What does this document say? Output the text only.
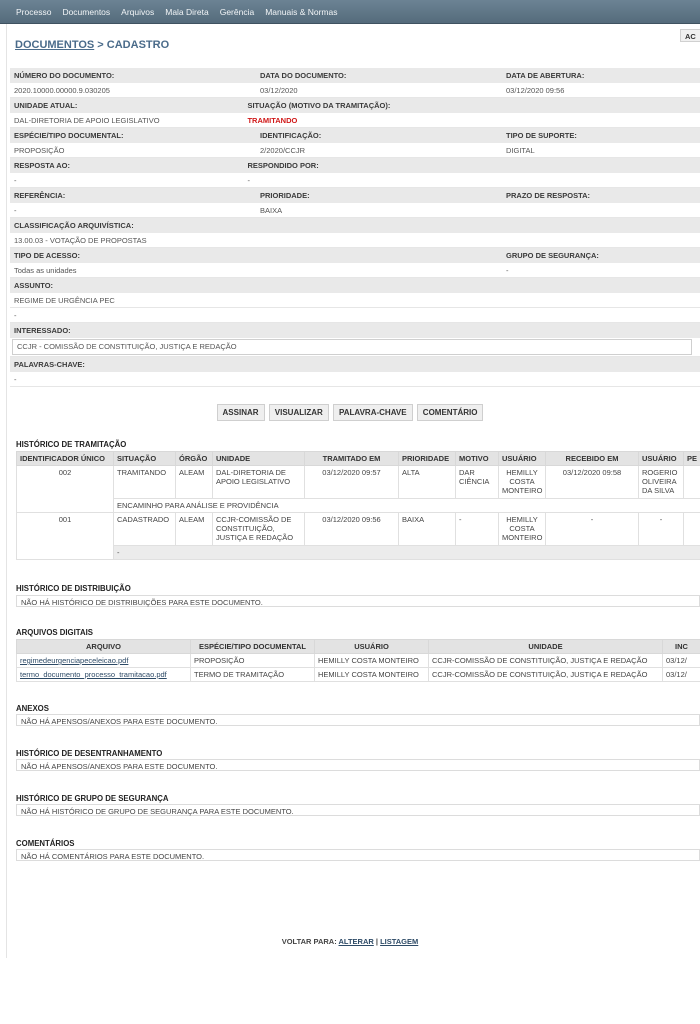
Processo Documentos Arquivos Mala Direta Gerência Manuais & Normas
DOCUMENTOS > CADASTRO
AC
NÚMERO DO DOCUMENTO:	DATA DO DOCUMENTO:	DATA DE ABERTURA:
2020.10000.00000.9.030205	03/12/2020	03/12/2020 09:56
UNIDADE ATUAL:	SITUAÇÃO (MOTIVO DA TRAMITAÇÃO):
DAL-DIRETORIA DE APOIO LEGISLATIVO	TRAMITANDO
ESPÉCIE/TIPO DOCUMENTAL:	IDENTIFICAÇÃO:	TIPO DE SUPORTE:
PROPOSIÇÃO	2/2020/CCJR	DIGITAL
RESPOSTA AO:	RESPONDIDO POR:
-	-
REFERÊNCIA:	PRIORIDADE:	PRAZO DE RESPOSTA:
-	BAIXA
CLASSIFICAÇÃO ARQUIVÍSTICA:
13.00.03 - VOTAÇÃO DE PROPOSTAS
TIPO DE ACESSO:	GRUPO DE SEGURANÇA:
Todas as unidades	-
ASSUNTO:
REGIME DE URGÊNCIA PEC
-
INTERESSADO:
CCJR - COMISSÃO DE CONSTITUIÇÃO, JUSTIÇA E REDAÇÃO
PALAVRAS-CHAVE:
-
ASSINAR VISUALIZAR PALAVRA-CHAVE COMENTÁRIO
HISTÓRICO DE TRAMITAÇÃO
IDENTIFICADOR ÚNICO	SITUAÇÃO	ÓRGÃO	UNIDADE	TRAMITADO EM	PRIORIDADE	MOTIVO	USUÁRIO	RECEBIDO EM	USUÁRIO	PE
002	TRAMITANDO	ALEAM	DAL-DIRETORIA DE APOIO LEGISLATIVO	03/12/2020 09:57	ALTA	DAR CIÊNCIA	HEMILLY COSTA MONTEIRO	03/12/2020 09:58	ROGERIO OLIVEIRA DA SILVA	
	ENCAMINHO PARA ANÁLISE E PROVIDÊNCIA									
001	CADASTRADO	ALEAM	CCJR-COMISSÃO DE CONSTITUIÇÃO, JUSTIÇA E REDAÇÃO	03/12/2020 09:56	BAIXA	-	HEMILLY COSTA MONTEIRO	-	-	
	-									
HISTÓRICO DE DISTRIBUIÇÃO
NÃO HÁ HISTÓRICO DE DISTRIBUIÇÕES PARA ESTE DOCUMENTO.
ARQUIVOS DIGITAIS
ARQUIVO	ESPÉCIE/TIPO DOCUMENTAL	USUÁRIO	UNIDADE	INC
regimedeurgenciapeceleicao.pdf	PROPOSIÇÃO	HEMILLY COSTA MONTEIRO	CCJR-COMISSÃO DE CONSTITUIÇÃO, JUSTIÇA E REDAÇÃO	03/12/
termo_documento_processo_tramitacao.pdf	TERMO DE TRAMITAÇÃO	HEMILLY COSTA MONTEIRO	CCJR-COMISSÃO DE CONSTITUIÇÃO, JUSTIÇA E REDAÇÃO	03/12/
ANEXOS
NÃO HÁ APENSOS/ANEXOS PARA ESTE DOCUMENTO.
HISTÓRICO DE DESENTRANHAMENTO
NÃO HÁ APENSOS/ANEXOS PARA ESTE DOCUMENTO.
HISTÓRICO DE GRUPO DE SEGURANÇA
NÃO HÁ HISTÓRICO DE GRUPO DE SEGURANÇA PARA ESTE DOCUMENTO.
COMENTÁRIOS
NÃO HÁ COMENTÁRIOS PARA ESTE DOCUMENTO.
VOLTAR PARA: ALTERAR | LISTAGEM
